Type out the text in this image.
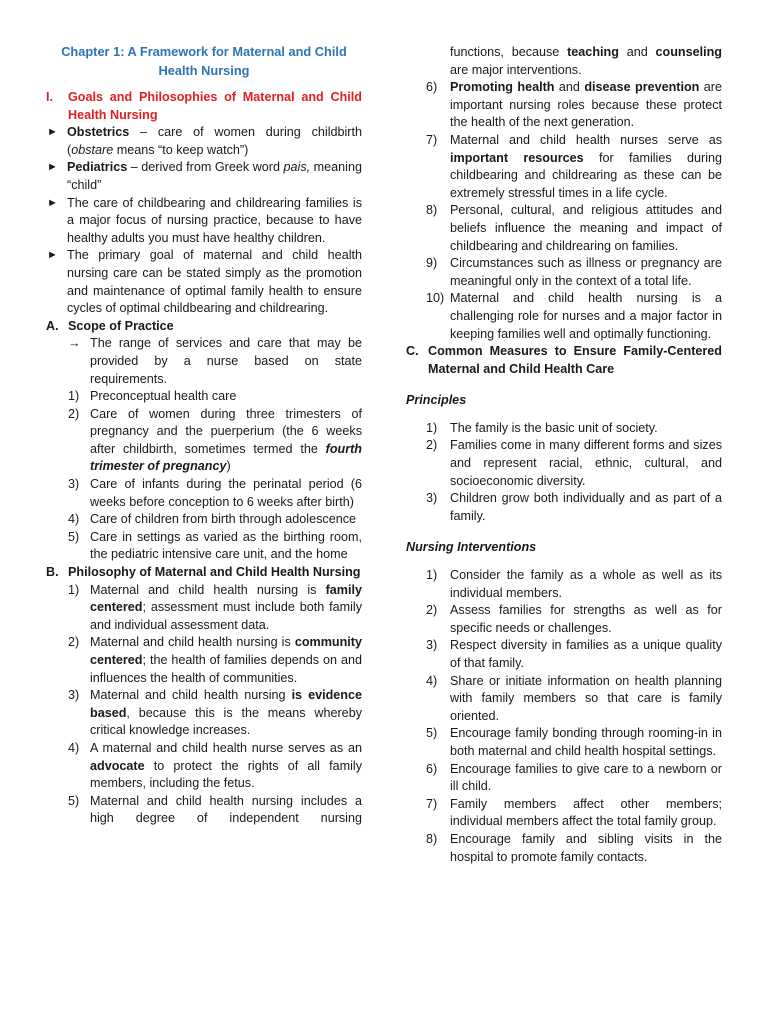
Chapter 1: A Framework for Maternal and Child Health Nursing
I.	Goals and Philosophies of Maternal and Child Health Nursing
► Obstetrics – care of women during childbirth (obstare means “to keep watch”)
► Pediatrics – derived from Greek word pais, meaning “child”
► The care of childbearing and childrearing families is a major focus of nursing practice, because to have healthy adults you must have healthy children.
► The primary goal of maternal and child health nursing care can be stated simply as the promotion and maintenance of optimal family health to ensure cycles of optimal childbearing and childrearing.
A. Scope of Practice
→ The range of services and care that may be provided by a nurse based on state requirements.
1) Preconceptual health care
2) Care of women during three trimesters of pregnancy and the puerperium (the 6 weeks after childbirth, sometimes termed the fourth trimester of pregnancy)
3) Care of infants during the perinatal period (6 weeks before conception to 6 weeks after birth)
4) Care of children from birth through adolescence
5) Care in settings as varied as the birthing room, the pediatric intensive care unit, and the home
B. Philosophy of Maternal and Child Health Nursing
1) Maternal and child health nursing is family centered; assessment must include both family and individual assessment data.
2) Maternal and child health nursing is community centered; the health of families depends on and influences the health of communities.
3) Maternal and child health nursing is evidence based, because this is the means whereby critical knowledge increases.
4) A maternal and child health nurse serves as an advocate to protect the rights of all family members, including the fetus.
5) Maternal and child health nursing includes a high degree of independent nursing
functions, because teaching and counseling are major interventions.
6)	Promoting health and disease prevention are important nursing roles because these protect the health of the next generation.
7)	Maternal and child health nurses serve as important resources for families during childbearing and childrearing as these can be extremely stressful times in a life cycle.
8)	Personal, cultural, and religious attitudes and beliefs influence the meaning and impact of childbearing and childrearing on families.
9)	Circumstances such as illness or pregnancy are meaningful only in the context of a total life.
10) Maternal and child health nursing is a challenging role for nurses and a major factor in keeping families well and optimally functioning.
C. Common Measures to Ensure Family-Centered Maternal and Child Health Care
Principles
1)	The family is the basic unit of society.
2)	Families come in many different forms and sizes and represent racial, ethnic, cultural, and socioeconomic diversity.
3)	Children grow both individually and as part of a family.
Nursing Interventions
1)	Consider the family as a whole as well as its individual members.
2)	Assess families for strengths as well as for specific needs or challenges.
3)	Respect diversity in families as a unique quality of that family.
4)	Share or initiate information on health planning with family members so that care is family oriented.
5)	Encourage family bonding through rooming-in in both maternal and child health hospital settings.
6)	Encourage families to give care to a newborn or ill child.
7)	Family members affect other members; individual members affect the total family group.
8)	Encourage family and sibling visits in the hospital to promote family contacts.
